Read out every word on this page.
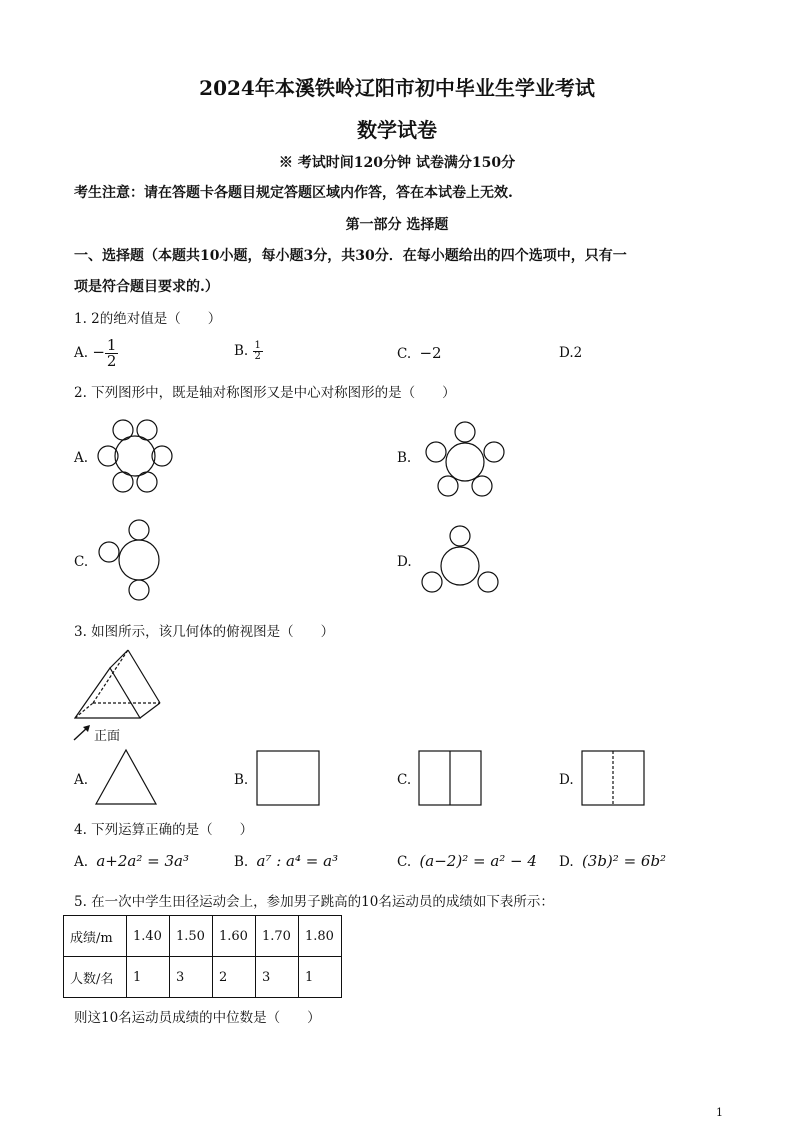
2024年本溪铁岭辽阳市初中毕业生学业考试
数学试卷
※ 考试时间120分钟 试卷满分150分
考生注意：请在答题卡各题目规定答题区域内作答，答在本试卷上无效.
第一部分 选择题
一、选择题（本题共10小题，每小题3分，共30分．在每小题给出的四个选项中，只有一
项是符合题目要求的.）
1. 2的绝对值是（　　）
A. − $\frac{1}{2}$	B. $\frac{1}{2}$	C. −2	D.2
2. 下列图形中，既是轴对称图形又是中心对称图形的是（　　）
A.	B.
C.	D.
3. 如图所示，该几何体的俯视图是（　　）
正面
A.	B.	C.	D.
4. 下列运算正确的是（　　）
A. a+2a² = 3a³	B. a⁷ : a⁴ = a³	C. (a−2)² = a² − 4 D. (3b)² = 6b²
5. 在一次中学生田径运动会上，参加男子跳高的10名运动员的成绩如下表所示：
成绩/m	1.40	1.50	1.60	1.70	1.80
人数/名	1	3	2	3	1
则这10名运动员成绩的中位数是（　　）
1
